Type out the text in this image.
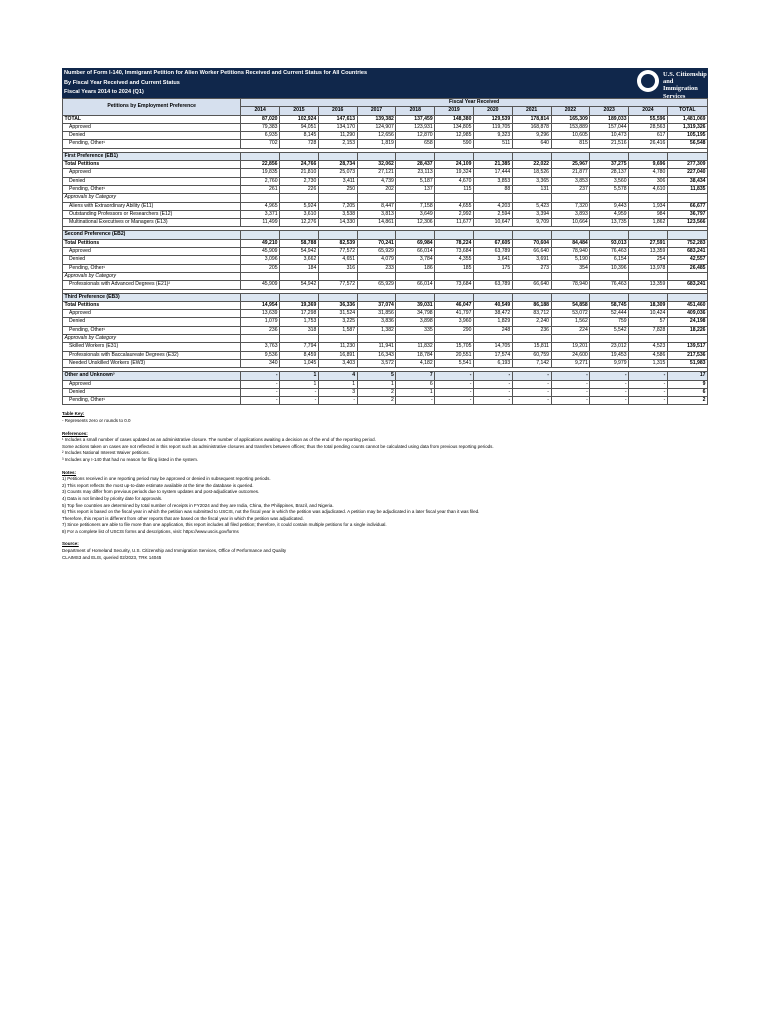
Number of Form I-140, Immigrant Petition for Alien Worker Petitions Received and Current Status for All Countries
By Fiscal Year Received and Current Status
Fiscal Years 2014 to 2024 (Q1)
U.S. Citizenship
and Immigration
Services
Petitions by Employment Preference	Fiscal Year Received											
	2014	2015	2016	2017	2018	2019	2020	2021	2022	2023	2024	TOTAL
TOTAL	87,020	102,924	147,613	139,382	137,459	148,380	129,539	178,814	165,309	189,033	55,596	1,481,069
Approved	79,383	94,051	134,170	124,907	123,931	134,805	119,705	168,878	153,889	157,044	28,563	1,319,326
Denied	6,935	8,145	11,290	12,656	12,870	12,985	9,323	9,296	10,605	10,473	617	105,195
Pending, Other¹	702	728	2,153	1,819	658	590	511	640	815	21,516	26,416	56,548

First Preference (EB1)												
Total Petitions	22,856	24,766	28,734	32,062	28,437	24,109	21,385	22,022	25,967	37,275	9,696	277,309
Approved	19,835	21,810	25,073	27,121	23,113	19,324	17,444	18,526	21,877	28,137	4,780	227,040
Denied	2,760	2,730	3,411	4,739	5,187	4,670	3,853	3,365	3,853	3,560	306	38,434
Pending, Other¹	261	226	250	202	137	115	88	131	237	5,578	4,610	11,835
Approvals by Category												
Aliens with Extraordinary Ability (E11)	4,965	5,924	7,205	8,447	7,158	4,655	4,203	5,423	7,320	9,443	1,934	66,677
Outstanding Professors or Researchers (E12)	3,371	3,610	3,538	3,813	3,649	2,992	2,594	3,394	3,893	4,959	984	36,797
Multinational Executives or Managers (E13)	11,499	12,276	14,330	14,861	12,306	11,677	10,647	9,709	10,664	13,735	1,862	123,566

Second Preference (EB2)												
Total Petitions	49,210	58,788	82,539	70,241	69,984	78,224	67,605	70,604	84,484	93,013	27,591	752,283
Approved	45,909	54,942	77,572	65,929	66,014	73,684	63,789	66,640	78,940	76,463	13,359	683,241
Denied	3,096	3,662	4,651	4,079	3,784	4,355	3,641	3,691	5,190	6,154	254	42,557
Pending, Other¹	205	184	316	233	186	185	175	273	354	10,396	13,978	26,485
Approvals by Category												
Professionals with Advanced Degrees (E21)²	45,909	54,942	77,572	65,929	66,014	73,684	63,789	66,640	78,940	76,463	13,359	683,241

Third Preference (EB3)												
Total Petitions	14,954	19,369	36,336	37,074	39,031	46,047	40,549	86,188	54,858	58,745	18,309	451,460
Approved	13,639	17,298	31,524	31,856	34,798	41,797	38,472	83,712	53,072	52,444	10,424	409,036
Denied	1,079	1,753	3,225	3,836	3,898	3,960	1,829	2,240	1,562	759	57	24,198
Pending, Other¹	236	318	1,587	1,382	335	290	248	236	224	5,542	7,828	18,226
Approvals by Category												
Skilled Workers (E31)	3,763	7,794	11,230	11,941	11,832	15,705	14,705	15,811	19,201	23,012	4,523	139,517
Professionals with Baccalaureate Degrees (E32)	9,536	8,459	16,891	16,343	18,784	20,551	17,574	60,759	24,600	19,453	4,586	217,536
Needed Unskilled Workers (EW3)	340	1,045	3,403	3,572	4,182	5,541	6,193	7,142	9,271	9,979	1,315	51,983

Other and Unknown³	-	1	4	5	7	-	-	-	-	-	-	17
Approved	-	1	1	1	6	-	-	-	-	-	-	9
Denied	-	-	3	2	1	-	-	-	-	-	-	6
Pending, Other¹	-	-	-	2	-	-	-	-	-	-	-	2
Table Key:
- Represents zero or rounds to 0.0
References:
¹ Includes a small number of cases updated as an administrative closure. The number of applications awaiting a decision as of the end of the reporting period.
Some actions taken on cases are not reflected in this report such as administrative closures and transfers between offices; thus the total pending counts cannot be calculated using data from previous reporting periods.
² Includes National Interest Waiver petitions.
³ Includes any I-140 that had no reason for filing listed in the system.
Notes:
1) Petitions received in one reporting period may be approved or denied in subsequent reporting periods.
2) This report reflects the most up-to-date estimate available at the time the database is queried.
3) Counts may differ from previous periods due to system updates and post-adjudicative outcomes.
4) Data is not limited by priority date for approvals.
5) Top five countries are determined by total number of receipts in FY2024 and they are India, China, the Philippines, Brazil, and Nigeria.
6) This report is based on the fiscal year in which the petition was submitted to USCIS, not the fiscal year in which the petition was adjudicated. A petition may be adjudicated in a later fiscal year than it was filed.
Therefore, this report is different from other reports that are based on the fiscal year in which the petition was adjudicated.
7) Since petitioners are able to file more than one application, this report includes all filed petition; therefore, it could contain multiple petitions for a single individual.
8) For a complete list of USCIS forms and descriptions, visit: https://www.uscis.gov/forms
Source:
Department of Homeland Security, U.S. Citizenship and Immigration Services, Office of Performance and Quality
CLAIMS3 and ELIS, queried 02/2023, TRK 14045
